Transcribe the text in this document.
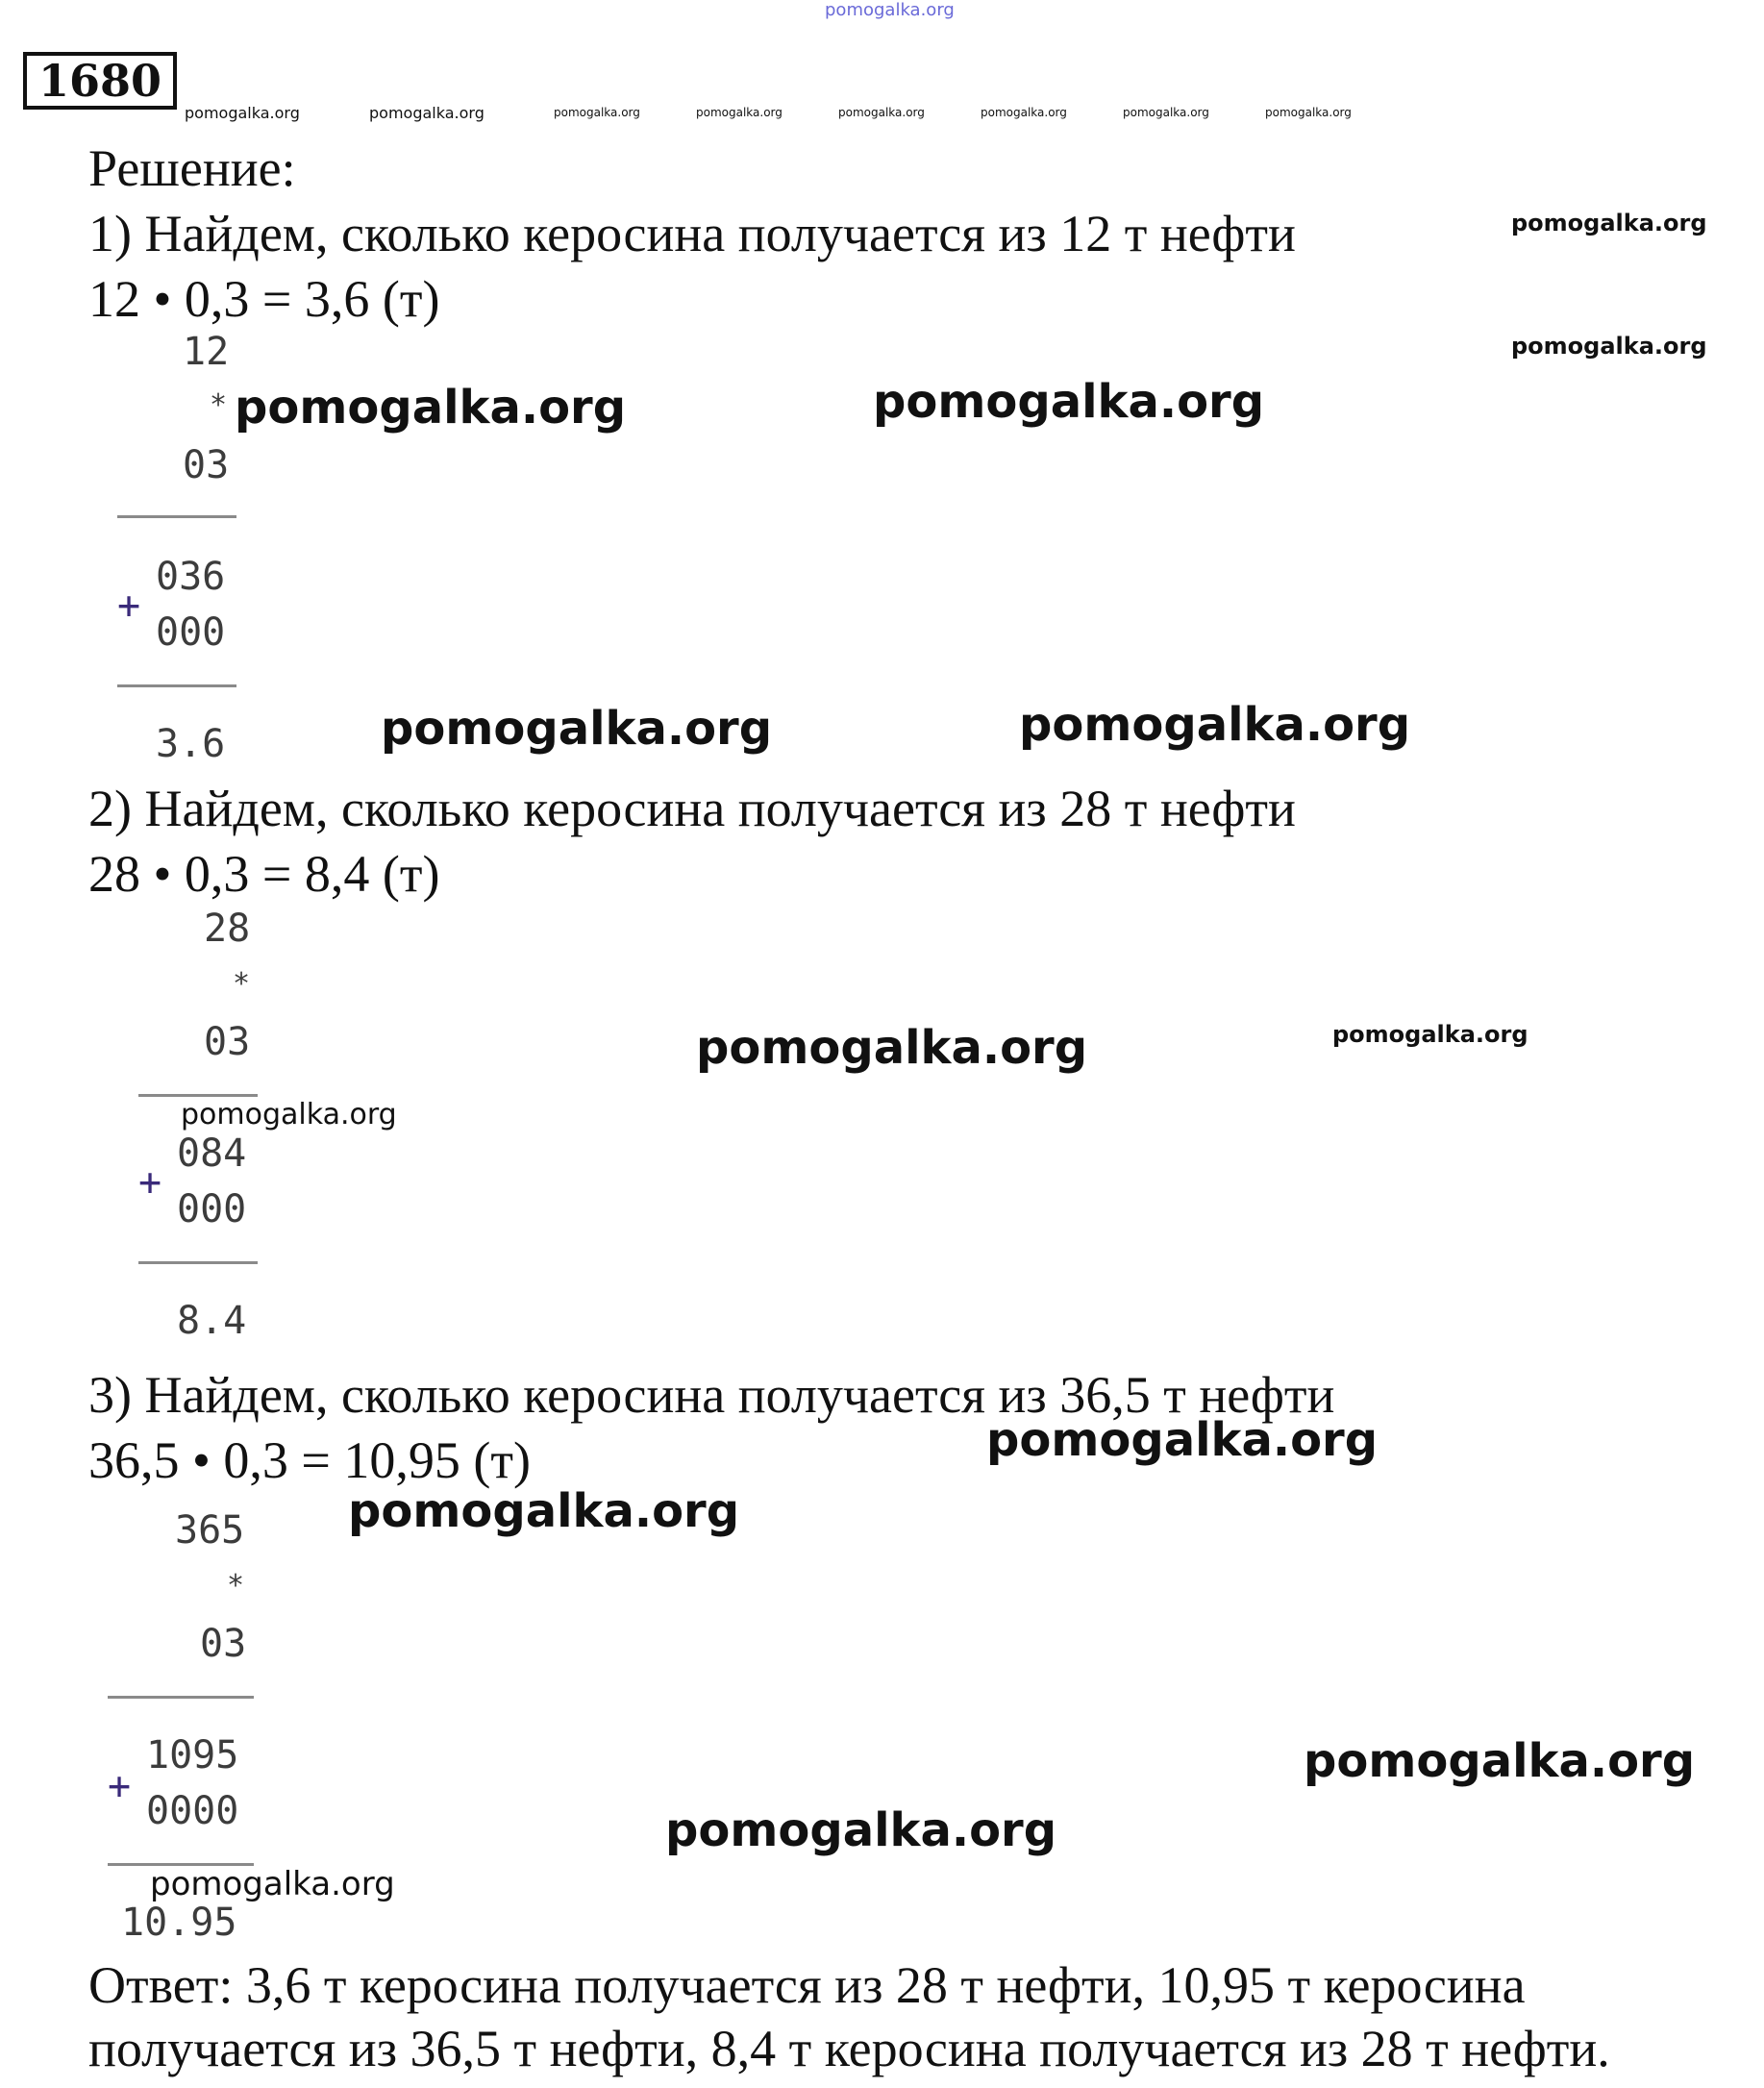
pomogalka.org
1680
pomogalka.org	pomogalka.org	pomogalka.org	pomogalka.org	pomogalka.org	pomogalka.org	pomogalka.org	pomogalka.org
Решение:
1) Найдем, сколько керосина получается из 12 т нефти	pomogalka.org
12 • 0,3 = 3,6 (т)
pomogalka.org
12
* pomogalka.org	pomogalka.org
03
036
+
000
3.6	pomogalka.org	pomogalka.org
2) Найдем, сколько керосина получается из 28 т нефти
28 • 0,3 = 8,4 (т)
28
*
03	pomogalka.org	pomogalka.org
pomogalka.org
084
+
000
8.4
3) Найдем, сколько керосина получается из 36,5 т нефти
36,5 • 0,3 = 10,95 (т)	pomogalka.org
365 pomogalka.org
*
03
1095
+
0000
pomogalka.org
10.95
pomogalka.org
pomogalka.org
Ответ: 3,6 т керосина получается из 28 т нефти, 10,95 т керосина
получается из 36,5 т нефти, 8,4 т керосина получается из 28 т нефти.
